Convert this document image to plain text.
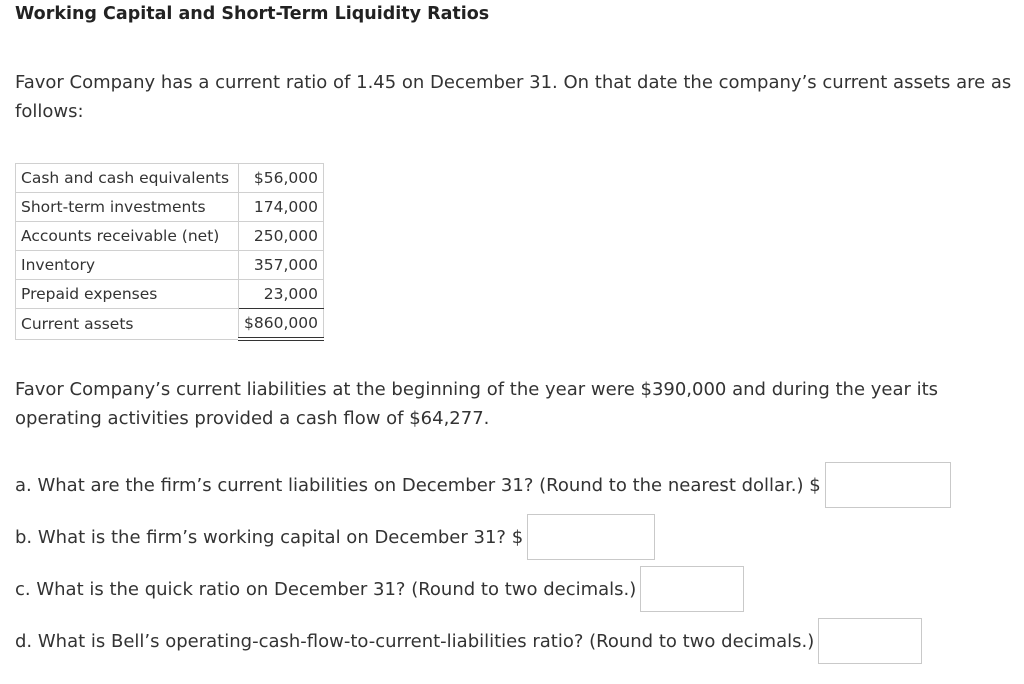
Working Capital and Short-Term Liquidity Ratios
Favor Company has a current ratio of 1.45 on December 31. On that date the company’s current assets are as follows:
Cash and cash equivalents	$56,000
Short-term investments	174,000
Accounts receivable (net)	250,000
Inventory	357,000
Prepaid expenses	23,000
Current assets	$860,000
Favor Company’s current liabilities at the beginning of the year were $390,000 and during the year its operating activities provided a cash flow of $64,277.
a. What are the firm’s current liabilities on December 31? (Round to the nearest dollar.) $
b. What is the firm’s working capital on December 31? $
c. What is the quick ratio on December 31? (Round to two decimals.)
d. What is Bell’s operating-cash-flow-to-current-liabilities ratio? (Round to two decimals.)
